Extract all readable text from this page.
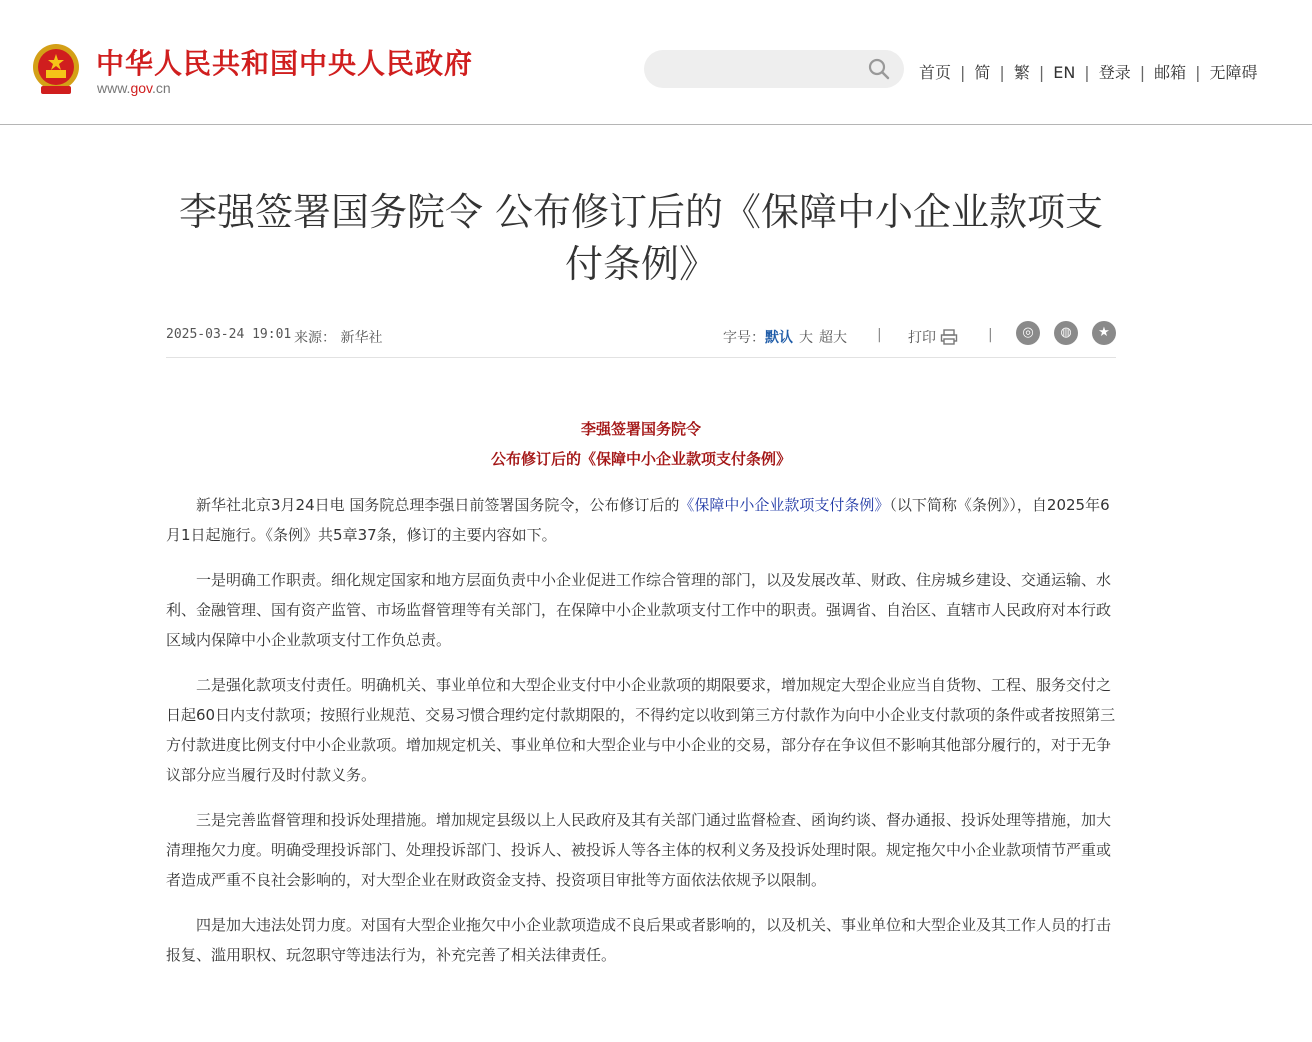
中华人民共和国中央人民政府
www.gov.cn
首页 | 简 | 繁 | EN | 登录 | 邮箱 | 无障碍
李强签署国务院令 公布修订后的《保障中小企业款项支付条例》
2025-03-24 19:01 来源： 新华社	字号：默认 大 超大 | 打印	|	◎	◍	★
李强签署国务院令
公布修订后的《保障中小企业款项支付条例》

新华社北京3月24日电 国务院总理李强日前签署国务院令，公布修订后的《保障中小企业款项支付条例》（以下简称《条例》），自2025年6月1日起施行。《条例》共5章37条，修订的主要内容如下。

一是明确工作职责。细化规定国家和地方层面负责中小企业促进工作综合管理的部门，以及发展改革、财政、住房城乡建设、交通运输、水利、金融管理、国有资产监管、市场监督管理等有关部门，在保障中小企业款项支付工作中的职责。强调省、自治区、直辖市人民政府对本行政区域内保障中小企业款项支付工作负总责。

二是强化款项支付责任。明确机关、事业单位和大型企业支付中小企业款项的期限要求，增加规定大型企业应当自货物、工程、服务交付之日起60日内支付款项；按照行业规范、交易习惯合理约定付款期限的，不得约定以收到第三方付款作为向中小企业支付款项的条件或者按照第三方付款进度比例支付中小企业款项。增加规定机关、事业单位和大型企业与中小企业的交易，部分存在争议但不影响其他部分履行的，对于无争议部分应当履行及时付款义务。

三是完善监督管理和投诉处理措施。增加规定县级以上人民政府及其有关部门通过监督检查、函询约谈、督办通报、投诉处理等措施，加大清理拖欠力度。明确受理投诉部门、处理投诉部门、投诉人、被投诉人等各主体的权利义务及投诉处理时限。规定拖欠中小企业款项情节严重或者造成严重不良社会影响的，对大型企业在财政资金支持、投资项目审批等方面依法依规予以限制。

四是加大违法处罚力度。对国有大型企业拖欠中小企业款项造成不良后果或者影响的，以及机关、事业单位和大型企业及其工作人员的打击报复、滥用职权、玩忽职守等违法行为，补充完善了相关法律责任。
